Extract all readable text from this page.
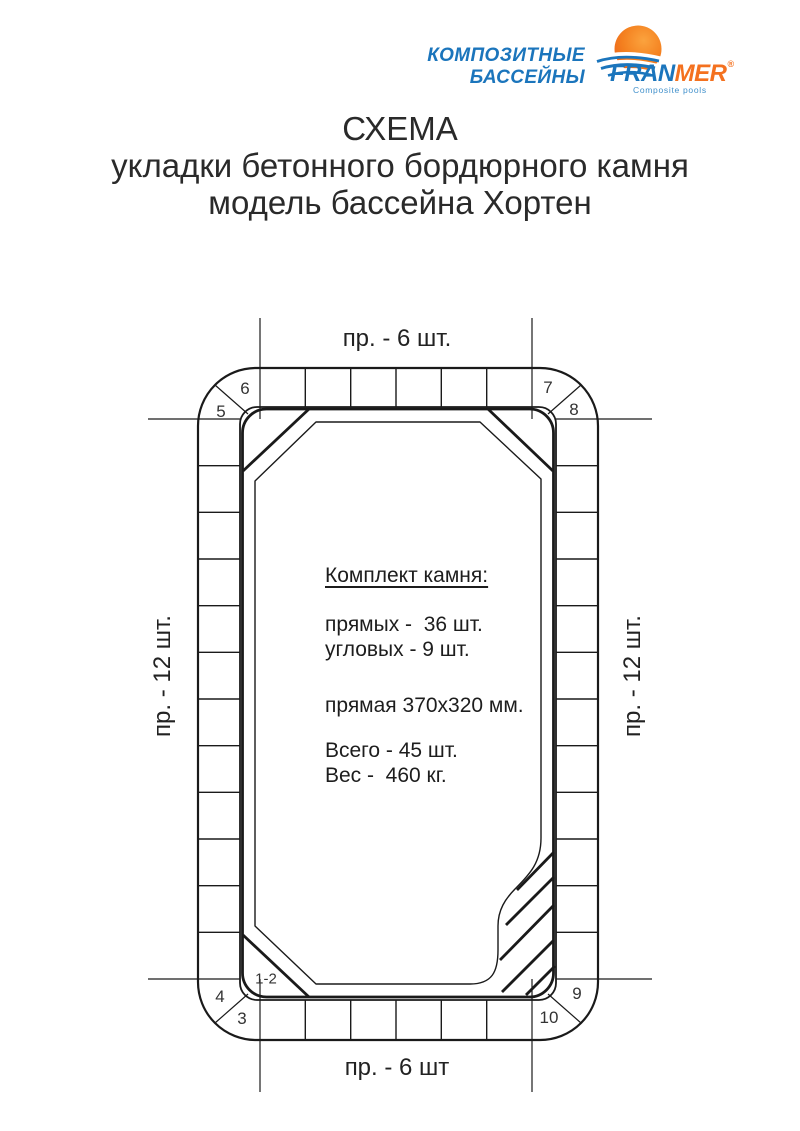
КОМПОЗИТНЫЕ
БАССЕЙНЫ FRANMER®
Composite pools
СХЕМА
укладки бетонного бордюрного камня
модель бассейна Хортен
пр. - 6 шт.
пр. - 6 шт
пр. - 12 шт.	пр. - 12 шт.
5
6	7
8
1-2
4
3
9
10
Комплект камня:
прямых -  36 шт.
угловых - 9 шт.
прямая 370х320 мм.
Всего - 45 шт.
Вес -  460 кг.
